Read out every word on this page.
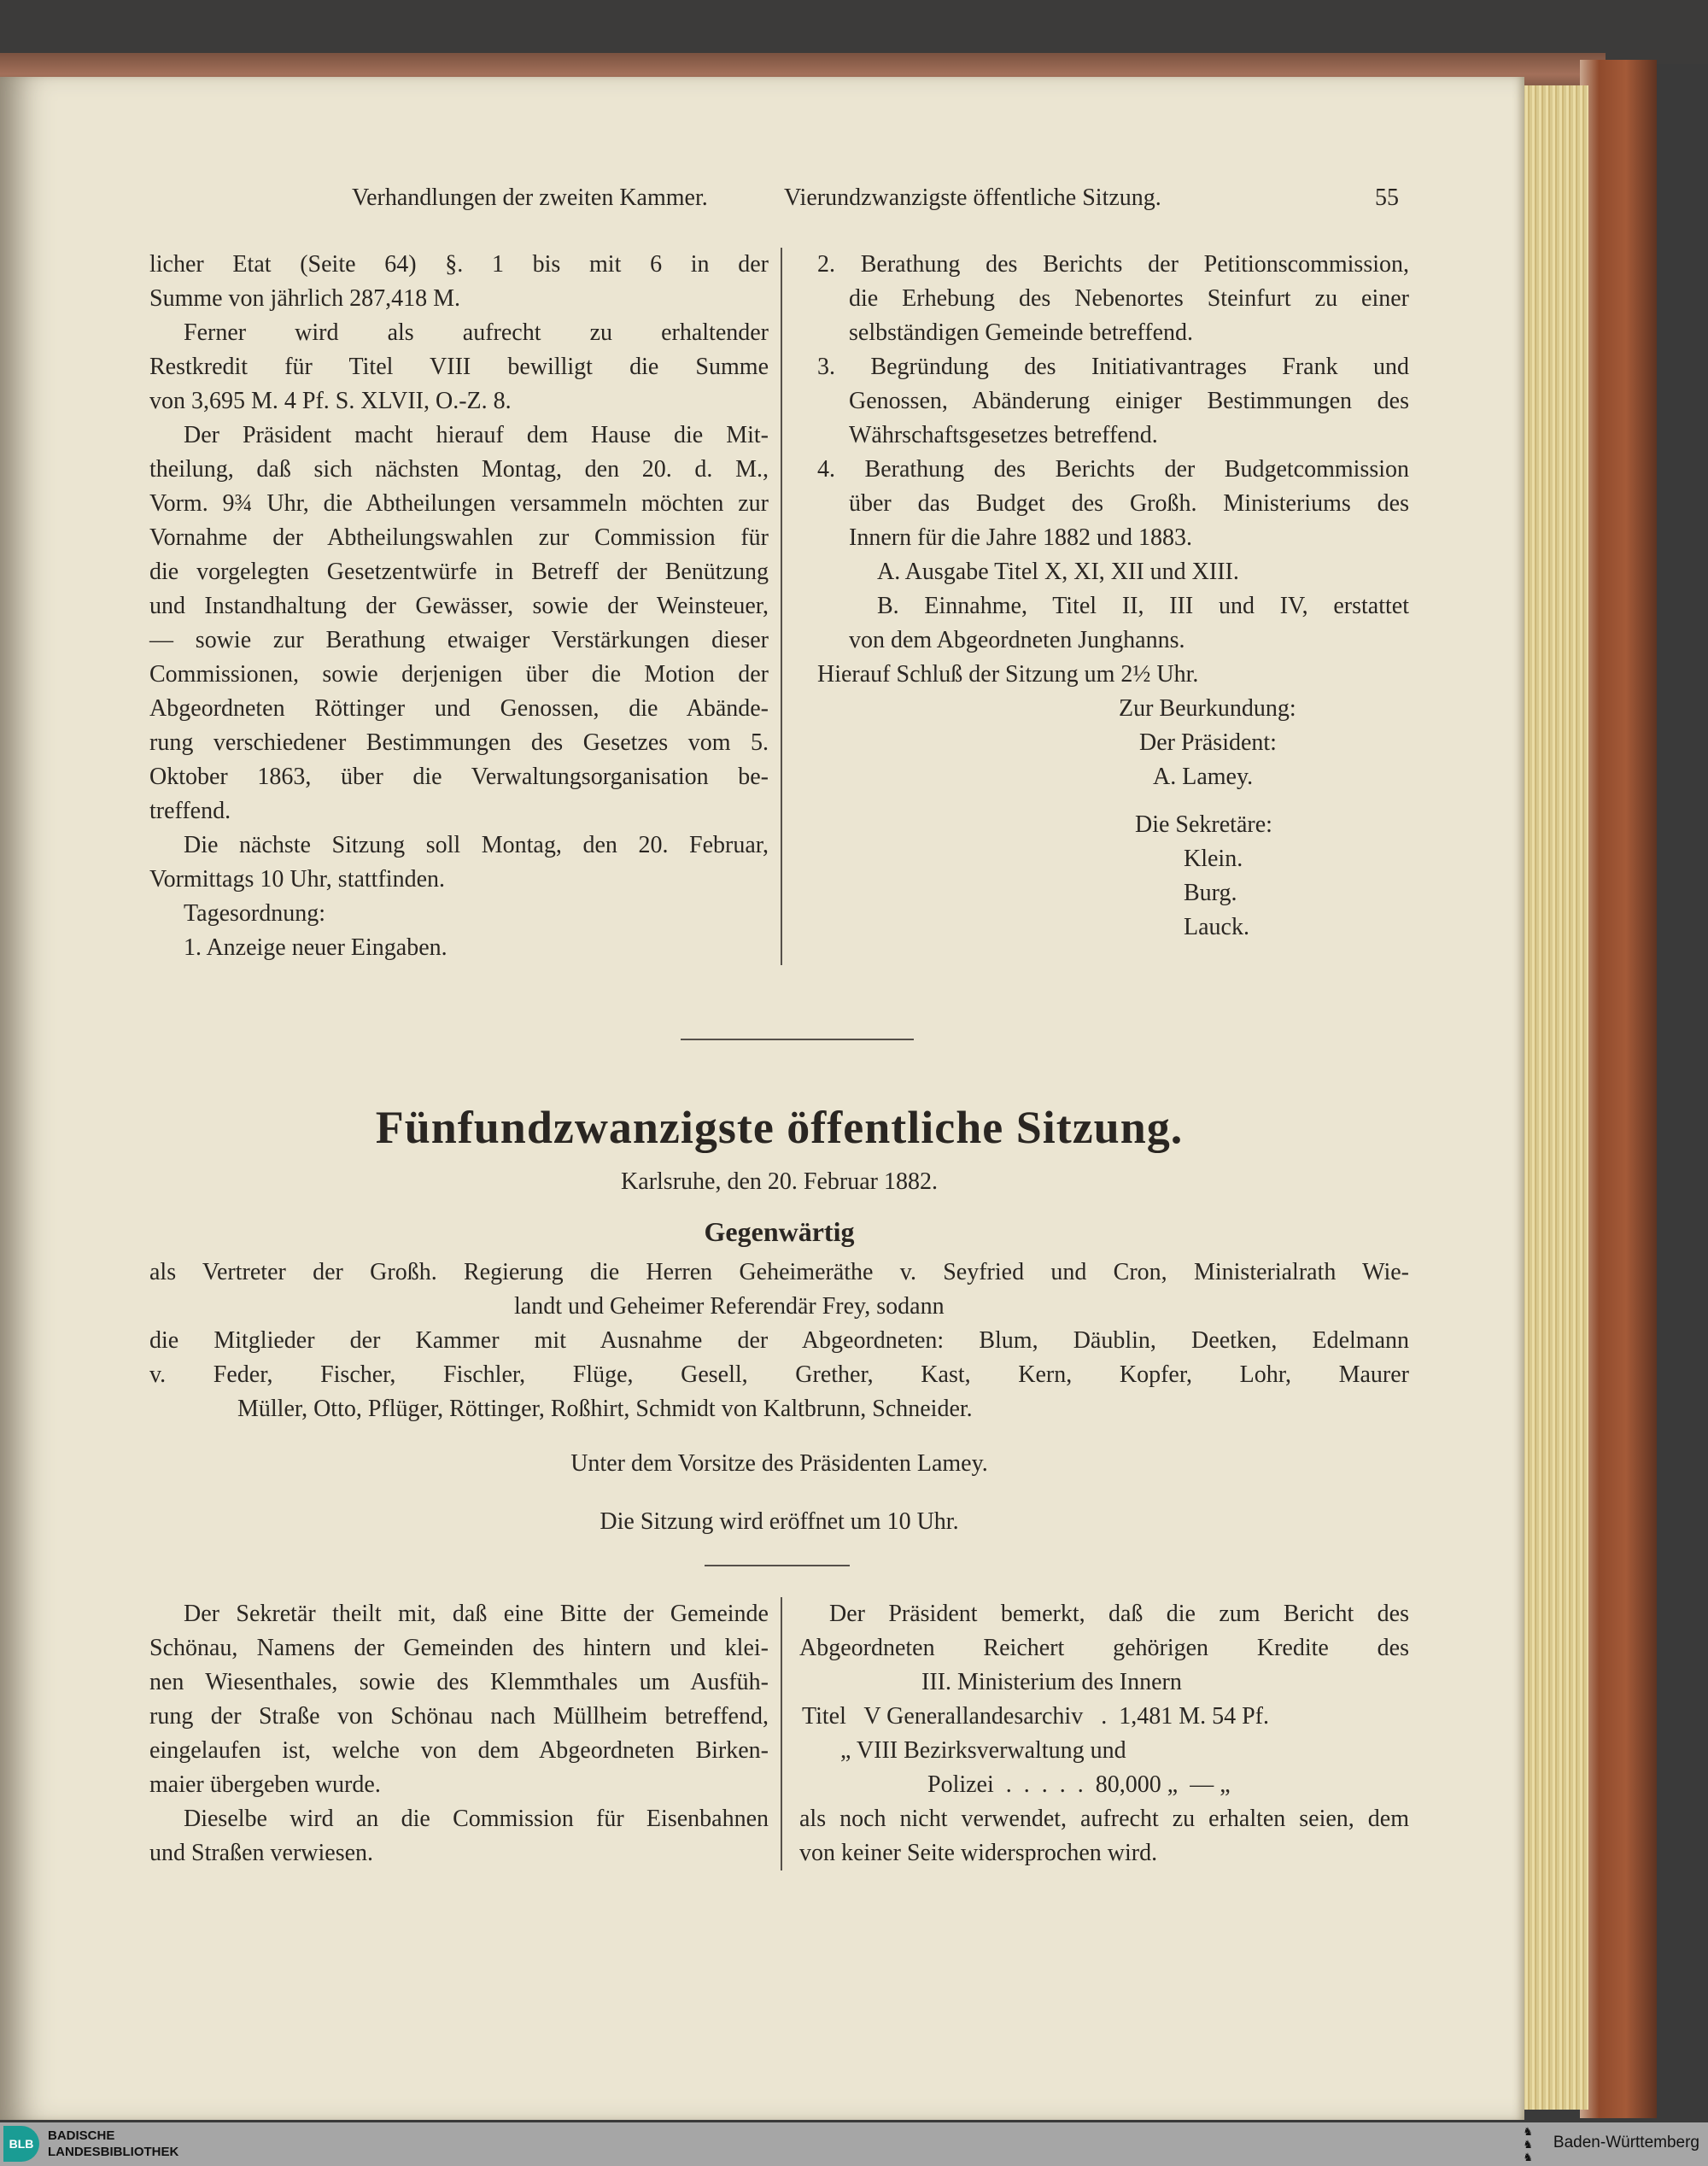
Verhandlungen der zweiten Kammer.	Vierundzwanzigste öffentliche Sitzung.	55
licher Etat (Seite 64) §. 1 bis mit 6 in der
Summe von jährlich 287,418 M.
Ferner wird als aufrecht zu erhaltender
Restkredit für Titel VIII bewilligt die Summe
von 3,695 M. 4 Pf. S. XLVII, O.-Z. 8.
Der Präsident macht hierauf dem Hause die Mit-
theilung, daß sich nächsten Montag, den 20. d. M.,
Vorm. 9¾ Uhr, die Abtheilungen versammeln möchten zur
Vornahme der Abtheilungswahlen zur Commission für
die vorgelegten Gesetzentwürfe in Betreff der Benützung
und Instandhaltung der Gewässer, sowie der Weinsteuer,
— sowie zur Berathung etwaiger Verstärkungen dieser
Commissionen, sowie derjenigen über die Motion der
Abgeordneten Röttinger und Genossen, die Abände-
rung verschiedener Bestimmungen des Gesetzes vom 5.
Oktober 1863, über die Verwaltungsorganisation be-
treffend.
Die nächste Sitzung soll Montag, den 20. Februar,
Vormittags 10 Uhr, stattfinden.
Tagesordnung:
1. Anzeige neuer Eingaben.
2. Berathung des Berichts der Petitionscommission,
die Erhebung des Nebenortes Steinfurt zu einer
selbständigen Gemeinde betreffend.
3. Begründung des Initiativantrages Frank und
Genossen, Abänderung einiger Bestimmungen des
Währschaftsgesetzes betreffend.
4. Berathung des Berichts der Budgetcommission
über das Budget des Großh. Ministeriums des
Innern für die Jahre 1882 und 1883.
A. Ausgabe Titel X, XI, XII und XIII.
B. Einnahme, Titel II, III und IV, erstattet
von dem Abgeordneten Junghanns.
Hierauf Schluß der Sitzung um 2½ Uhr.
Zur Beurkundung:
Der Präsident:
A. Lamey.
Die Sekretäre:
Klein.
Burg.
Lauck.
Fünfundzwanzigste öffentliche Sitzung.
Karlsruhe, den 20. Februar 1882.
Gegenwärtig
als Vertreter der Großh. Regierung die Herren Geheimeräthe v. Seyfried und Cron, Ministerialrath Wie-
landt und Geheimer Referendär Frey, sodann
die Mitglieder der Kammer mit Ausnahme der Abgeordneten: Blum, Däublin, Deetken, Edelmann
v. Feder, Fischer, Fischler, Flüge, Gesell, Grether, Kast, Kern, Kopfer, Lohr, Maurer
Müller, Otto, Pflüger, Röttinger, Roßhirt, Schmidt von Kaltbrunn, Schneider.
Unter dem Vorsitze des Präsidenten Lamey.
Die Sitzung wird eröffnet um 10 Uhr.
Der Sekretär theilt mit, daß eine Bitte der Gemeinde
Schönau, Namens der Gemeinden des hintern und klei-
nen Wiesenthales, sowie des Klemmthales um Ausfüh-
rung der Straße von Schönau nach Müllheim betreffend,
eingelaufen ist, welche von dem Abgeordneten Birken-
maier übergeben wurde.
Dieselbe wird an die Commission für Eisenbahnen
und Straßen verwiesen.
Der Präsident bemerkt, daß die zum Bericht des
Abgeordneten Reichert gehörigen Kredite des
III. Ministerium des Innern
Titel   V Generallandesarchiv   .  1,481 M. 54 Pf.
„ VIII Bezirksverwaltung und
Polizei  .  .  .  .  .  80,000 „  — „
als noch nicht verwendet, aufrecht zu erhalten seien, dem
von keiner Seite widersprochen wird.
BLB
BADISCHE
LANDESBIBLIOTHEK
♞
♞
♞
Baden-Württemberg
